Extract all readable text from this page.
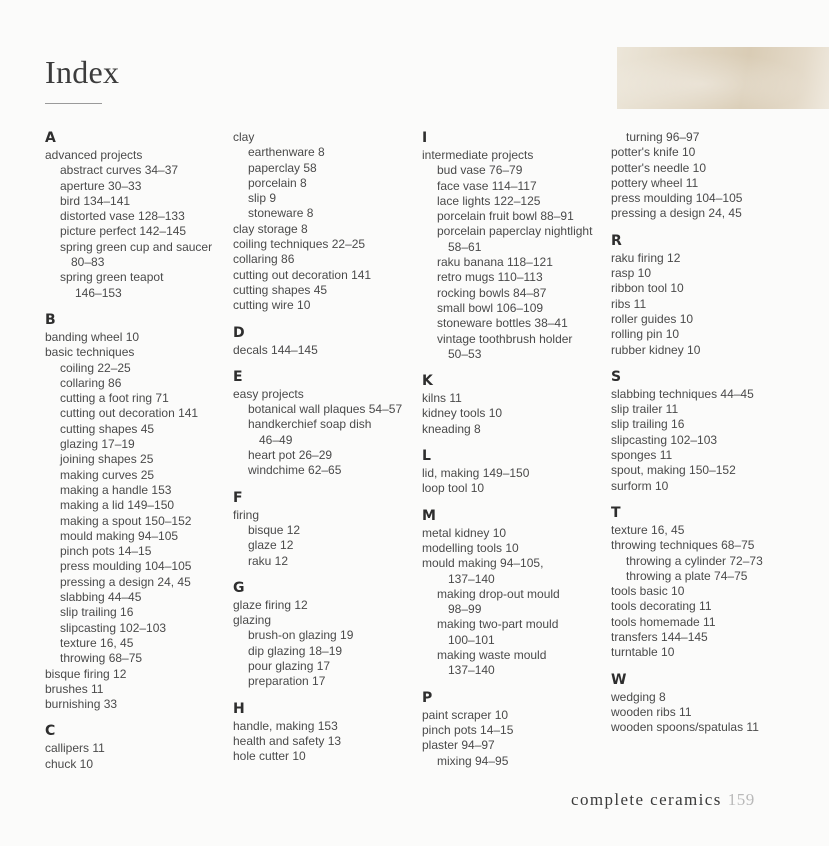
Index
A
advanced projects
abstract curves 34–37
aperture 30–33
bird 134–141
distorted vase 128–133
picture perfect 142–145
spring green cup and saucer
80–83
spring green teapot
146–153
B
banding wheel 10
basic techniques
coiling 22–25
collaring 86
cutting a foot ring 71
cutting out decoration 141
cutting shapes 45
glazing 17–19
joining shapes 25
making curves 25
making a handle 153
making a lid 149–150
making a spout 150–152
mould making 94–105
pinch pots 14–15
press moulding 104–105
pressing a design 24, 45
slabbing 44–45
slip trailing 16
slipcasting 102–103
texture 16, 45
throwing 68–75
bisque firing 12
brushes 11
burnishing 33
C
callipers 11
chuck 10
clay
earthenware 8
paperclay 58
porcelain 8
slip 9
stoneware 8
clay storage 8
coiling techniques 22–25
collaring 86
cutting out decoration 141
cutting shapes 45
cutting wire 10
D
decals 144–145
E
easy projects
botanical wall plaques 54–57
handkerchief soap dish
46–49
heart pot 26–29
windchime 62–65
F
firing
bisque 12
glaze 12
raku 12
G
glaze firing 12
glazing
brush-on glazing 19
dip glazing 18–19
pour glazing 17
preparation 17
H
handle, making 153
health and safety 13
hole cutter 10
I
intermediate projects
bud vase 76–79
face vase 114–117
lace lights 122–125
porcelain fruit bowl 88–91
porcelain paperclay nightlight
58–61
raku banana 118–121
retro mugs 110–113
rocking bowls 84–87
small bowl 106–109
stoneware bottles 38–41
vintage toothbrush holder
50–53
K
kilns 11
kidney tools 10
kneading 8
L
lid, making 149–150
loop tool 10
M
metal kidney 10
modelling tools 10
mould making 94–105,
137–140
making drop-out mould
98–99
making two-part mould
100–101
making waste mould
137–140
P
paint scraper 10
pinch pots 14–15
plaster 94–97
mixing 94–95
turning 96–97
potter's knife 10
potter's needle 10
pottery wheel 11
press moulding 104–105
pressing a design 24, 45
R
raku firing 12
rasp 10
ribbon tool 10
ribs 11
roller guides 10
rolling pin 10
rubber kidney 10
S
slabbing techniques 44–45
slip trailer 11
slip trailing 16
slipcasting 102–103
sponges 11
spout, making 150–152
surform 10
T
texture 16, 45
throwing techniques 68–75
throwing a cylinder 72–73
throwing a plate 74–75
tools basic 10
tools decorating 11
tools homemade 11
transfers 144–145
turntable 10
W
wedging 8
wooden ribs 11
wooden spoons/spatulas 11
complete ceramics 159
